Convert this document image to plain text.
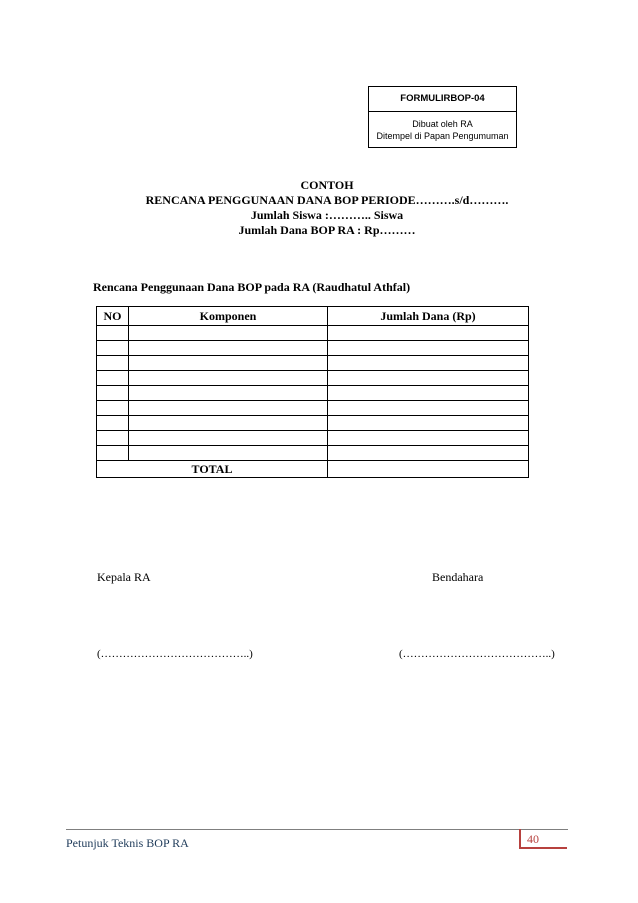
FORMULIRBOP-04
Dibuat oleh RA
Ditempel di Papan Pengumuman
CONTOH
RENCANA PENGGUNAAN DANA BOP PERIODE……….s/d……….
Jumlah Siswa :……….. Siswa
Jumlah Dana BOP RA : Rp………
Rencana Penggunaan Dana BOP pada RA (Raudhatul Athfal)
NO	Komponen	Jumlah Dana (Rp)

TOTAL		
Kepala RA	Bendahara
(…………………………………..)	(…………………………………..)
Petunjuk Teknis BOP RA	40
